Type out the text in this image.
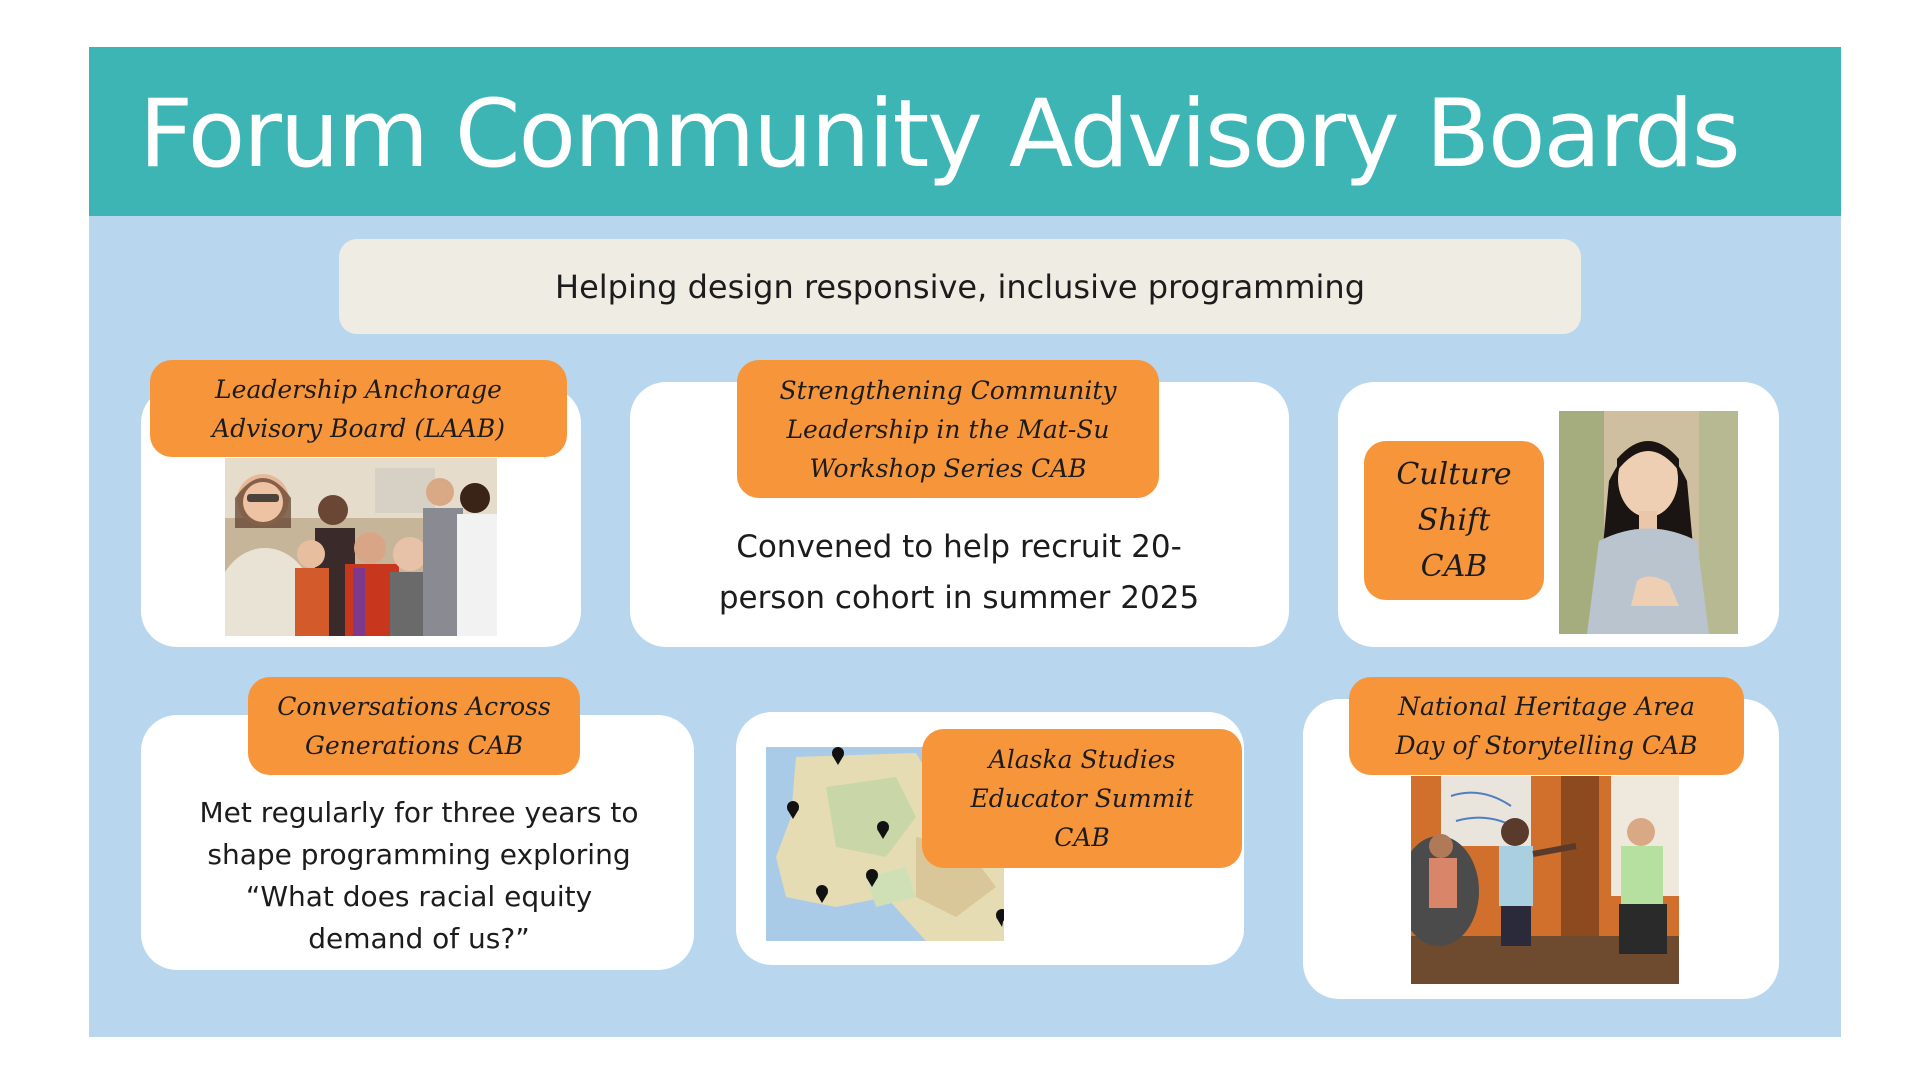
Forum Community Advisory Boards
Helping design responsive, inclusive programming
Leadership Anchorage
Advisory Board (LAAB)
Strengthening Community
Leadership in the Mat-Su
Workshop Series CAB
Convened to help recruit 20-person cohort in summer 2025
Culture
Shift
CAB
Conversations Across
Generations CAB
Met regularly for three years to shape programming exploring “What does racial equity demand of us?”
Alaska Studies
Educator Summit
CAB
National Heritage Area
Day of Storytelling CAB
